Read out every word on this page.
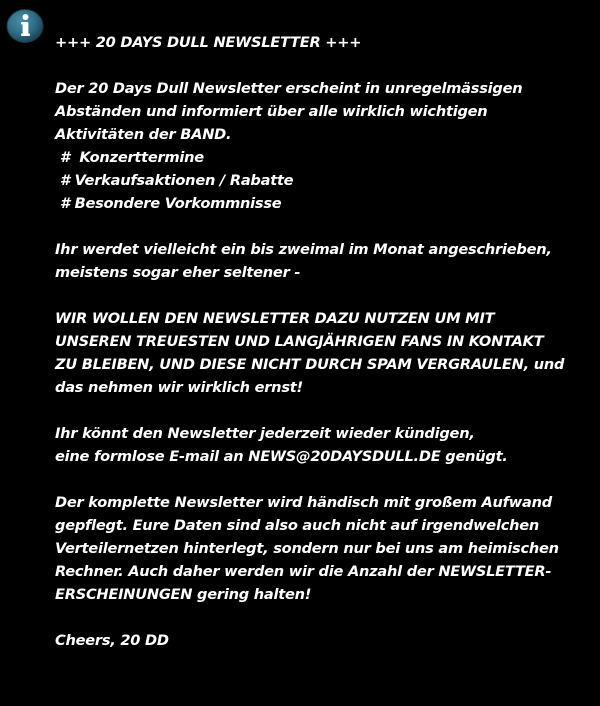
+++ 20 DAYS DULL NEWSLETTER +++
Der 20 Days Dull Newsletter erscheint in unregelmässigen
Abständen und informiert über alle wirklich wichtigen
Aktivitäten der BAND.
#  Konzerttermine
# Verkaufsaktionen / Rabatte
# Besondere Vorkommnisse
Ihr werdet vielleicht ein bis zweimal im Monat angeschrieben,
meistens sogar eher seltener -
WIR WOLLEN DEN NEWSLETTER DAZU NUTZEN UM MIT
UNSEREN TREUESTEN UND LANGJÄHRIGEN FANS IN KONTAKT
ZU BLEIBEN, UND DIESE NICHT DURCH SPAM VERGRAULEN, und
das nehmen wir wirklich ernst!
Ihr könnt den Newsletter jederzeit wieder kündigen,
eine formlose E-mail an NEWS@20DAYSDULL.DE genügt.
Der komplette Newsletter wird händisch mit großem Aufwand
gepflegt. Eure Daten sind also auch nicht auf irgendwelchen
Verteilernetzen hinterlegt, sondern nur bei uns am heimischen
Rechner. Auch daher werden wir die Anzahl der NEWSLETTER-
ERSCHEINUNGEN gering halten!
Cheers, 20 DD
